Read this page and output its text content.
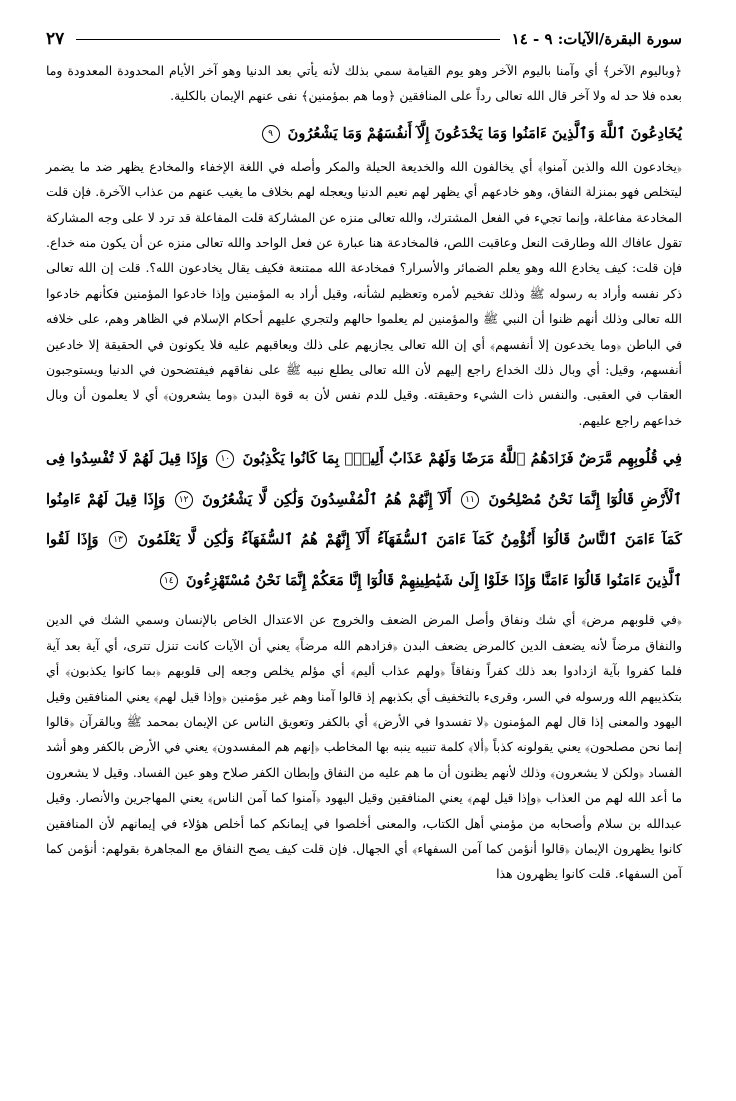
سورة البقرة/الآيات: ٩ - ١٤
٢٧

﴿وباليوم الآخر﴾ أي وآمنا باليوم الآخر وهو يوم القيامة سمي بذلك لأنه يأتي بعد الدنيا وهو آخر الأيام المحدودة المعدودة وما بعده فلا حد له ولا آخر قال الله تعالى رداً على المنافقين ﴿وما هم بمؤمنين﴾ نفى عنهم الإيمان بالكلية.

يُخَادِعُونَ ٱللَّهَ وَٱلَّذِينَ ءَامَنُوا وَمَا يَخْدَعُونَ إِلَّآ أَنفُسَهُمْ وَمَا يَشْعُرُونَ ٩

﴿يخادعون الله والذين آمنوا﴾ أي يخالفون الله والخديعة الحيلة والمكر وأصله في اللغة الإخفاء والمخادع يظهر ضد ما يضمر ليتخلص فهو بمنزلة النفاق، وهو خادعهم أي يظهر لهم نعيم الدنيا ويعجله لهم بخلاف ما يغيب عنهم من عذاب الآخرة. فإن قلت المخادعة مفاعلة، وإنما تجيء في الفعل المشترك، والله تعالى منزه عن المشاركة قلت المفاعلة قد ترد لا على وجه المشاركة تقول عافاك الله وطارقت النعل وعاقبت اللص، فالمخادعة هنا عبارة عن فعل الواحد والله تعالى منزه عن أن يكون منه خداع. فإن قلت: كيف يخادع الله وهو يعلم الضمائر والأسرار؟ فمخادعة الله ممتنعة فكيف يقال يخادعون الله؟. قلت إن الله تعالى ذكر نفسه وأراد به رسوله ﷺ وذلك تفخيم لأمره وتعظيم لشأنه، وقيل أراد به المؤمنين وإذا خادعوا المؤمنين فكأنهم خادعوا الله تعالى وذلك أنهم ظنوا أن النبي ﷺ والمؤمنين لم يعلموا حالهم ولتجري عليهم أحكام الإسلام في الظاهر وهم، على خلافه في الباطن ﴿وما يخدعون إلا أنفسهم﴾ أي إن الله تعالى يجازيهم على ذلك ويعاقبهم عليه فلا يكونون في الحقيقة إلا خادعين أنفسهم، وقيل: أي وبال ذلك الخداع راجع إليهم لأن الله تعالى يطلع نبيه ﷺ على نفاقهم فيفتضحون في الدنيا ويستوجبون العقاب في العقبى. والنفس ذات الشيء وحقيقته. وقيل للدم نفس لأن به قوة البدن ﴿وما يشعرون﴾ أي لا يعلمون أن وبال خداعهم راجع عليهم.

فِي قُلُوبِهِم مَّرَضٌ فَزَادَهُمُ ٱللَّهُ مَرَضًا وَلَهُمْ عَذَابٌ أَلِيمٌۢ بِمَا كَانُوا يَكْذِبُونَ ١٠ وَإِذَا قِيلَ لَهُمْ لَا تُفْسِدُوا فِى ٱلْأَرْضِ قَالُوٓا إِنَّمَا نَحْنُ مُصْلِحُونَ ١١ أَلَآ إِنَّهُمْ هُمُ ٱلْمُفْسِدُونَ وَلَٰكِن لَّا يَشْعُرُونَ ١٢ وَإِذَا قِيلَ لَهُمْ ءَامِنُوا كَمَآ ءَامَنَ ٱلنَّاسُ قَالُوٓا أَنُؤْمِنُ كَمَآ ءَامَنَ ٱلسُّفَهَآءُ أَلَآ إِنَّهُمْ هُمُ ٱلسُّفَهَآءُ وَلَٰكِن لَّا يَعْلَمُونَ ١٣ وَإِذَا لَقُوا ٱلَّذِينَ ءَامَنُوا قَالُوٓا ءَامَنَّا وَإِذَا خَلَوْا إِلَىٰ شَيَٰطِينِهِمْ قَالُوٓا إِنَّا مَعَكُمْ إِنَّمَا نَحْنُ مُسْتَهْزِءُونَ ١٤

﴿في قلوبهم مرض﴾ أي شك ونفاق وأصل المرض الضعف والخروج عن الاعتدال الخاص بالإنسان وسمي الشك في الدين والنفاق مرضاً لأنه يضعف الدين كالمرض يضعف البدن ﴿فزادهم الله مرضاً﴾ يعني أن الآيات كانت تنزل تترى، أي آية بعد آية فلما كفروا بآية ازدادوا بعد ذلك كفراً ونفاقاً ﴿ولهم عذاب أليم﴾ أي مؤلم يخلص وجعه إلى قلوبهم ﴿بما كانوا يكذبون﴾ أي بتكذيبهم الله ورسوله في السر، وقرىء بالتخفيف أي بكذبهم إذ قالوا آمنا وهم غير مؤمنين ﴿وإذا قيل لهم﴾ يعني المنافقين وقيل اليهود والمعنى إذا قال لهم المؤمنون ﴿لا تفسدوا في الأرض﴾ أي بالكفر وتعويق الناس عن الإيمان بمحمد ﷺ وبالقرآن ﴿قالوا إنما نحن مصلحون﴾ يعني يقولونه كذباً ﴿ألا﴾ كلمة تنبيه ينبه بها المخاطب ﴿إنهم هم المفسدون﴾ يعني في الأرض بالكفر وهو أشد الفساد ﴿ولكن لا يشعرون﴾ وذلك لأنهم يظنون أن ما هم عليه من النفاق وإبطان الكفر صلاح وهو عين الفساد. وقيل لا يشعرون ما أعد الله لهم من العذاب ﴿وإذا قيل لهم﴾ يعني المنافقين وقيل اليهود ﴿آمنوا كما آمن الناس﴾ يعني المهاجرين والأنصار. وقيل عبدالله بن سلام وأصحابه من مؤمني أهل الكتاب، والمعنى أخلصوا في إيمانكم كما أخلص هؤلاء في إيمانهم لأن المنافقين كانوا يظهرون الإيمان ﴿قالوا أنؤمن كما آمن السفهاء﴾ أي الجهال. فإن قلت كيف يصح النفاق مع المجاهرة بقولهم: أنؤمن كما آمن السفهاء. قلت كانوا يظهرون هذا
